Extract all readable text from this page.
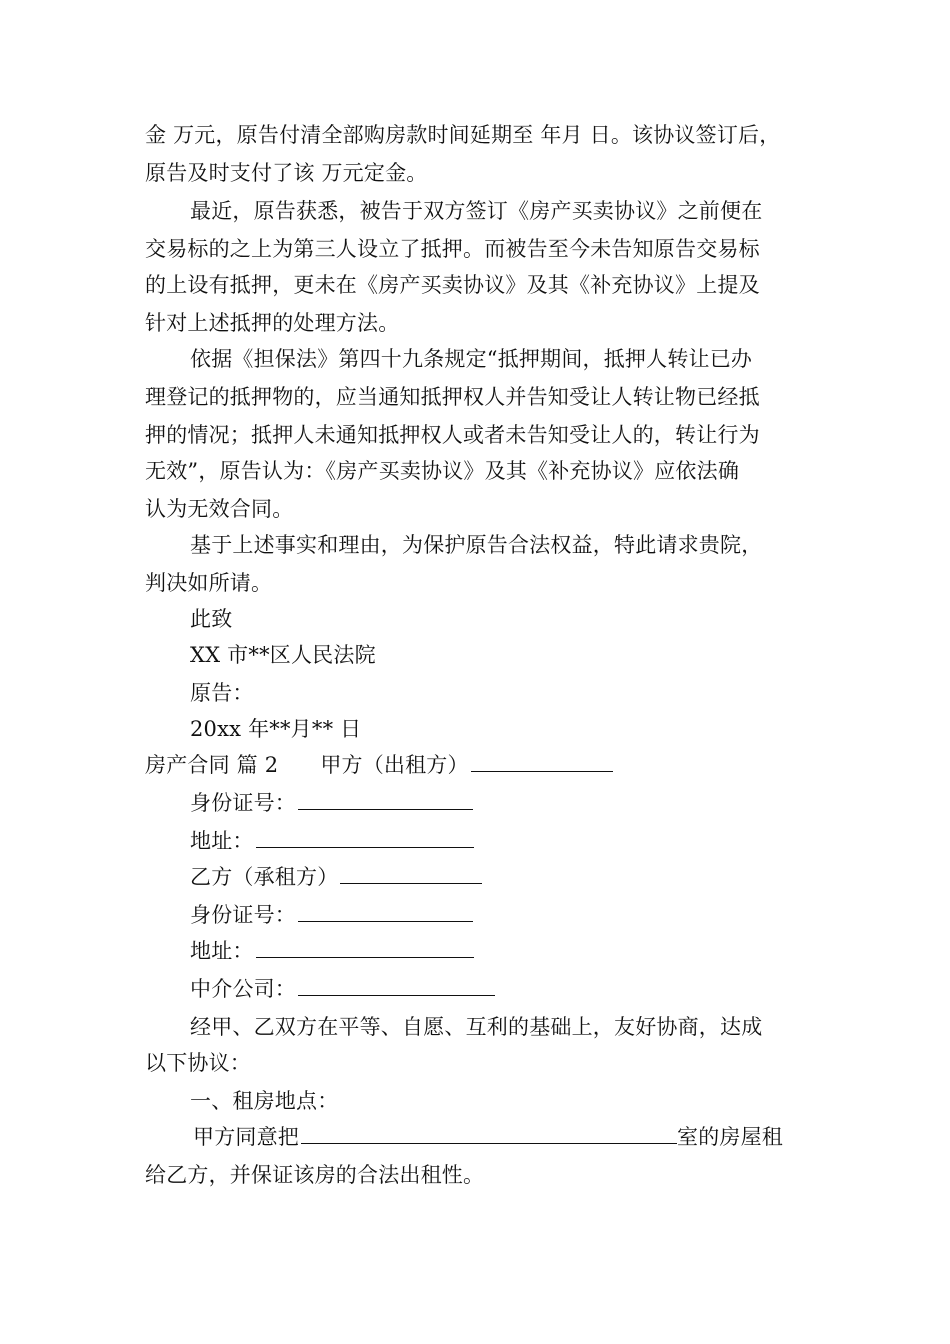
金 万元，原告付清全部购房款时间延期至 年月 日。该协议签订后，
原告及时支付了该 万元定金。
最近，原告获悉，被告于双方签订《房产买卖协议》之前便在
交易标的之上为第三人设立了抵押。而被告至今未告知原告交易标
的上设有抵押，更未在《房产买卖协议》及其《补充协议》上提及
针对上述抵押的处理方法。
依据《担保法》第四十九条规定“抵押期间，抵押人转让已办
理登记的抵押物的，应当通知抵押权人并告知受让人转让物已经抵
押的情况；抵押人未通知抵押权人或者未告知受让人的，转让行为
无效”，原告认为：《房产买卖协议》及其《补充协议》应依法确
认为无效合同。
基于上述事实和理由，为保护原告合法权益，特此请求贵院，
判决如所请。
此致
XX 市**区人民法院
原告：
20xx 年**月** 日
房产合同 篇 2 甲方（出租方）
身份证号：
地址：
乙方（承租方）
身份证号：
地址：
中介公司：
经甲、乙双方在平等、自愿、互利的基础上，友好协商，达成
以下协议：
一、租房地点：
甲方同意把	室的房屋租
给乙方，并保证该房的合法出租性。
